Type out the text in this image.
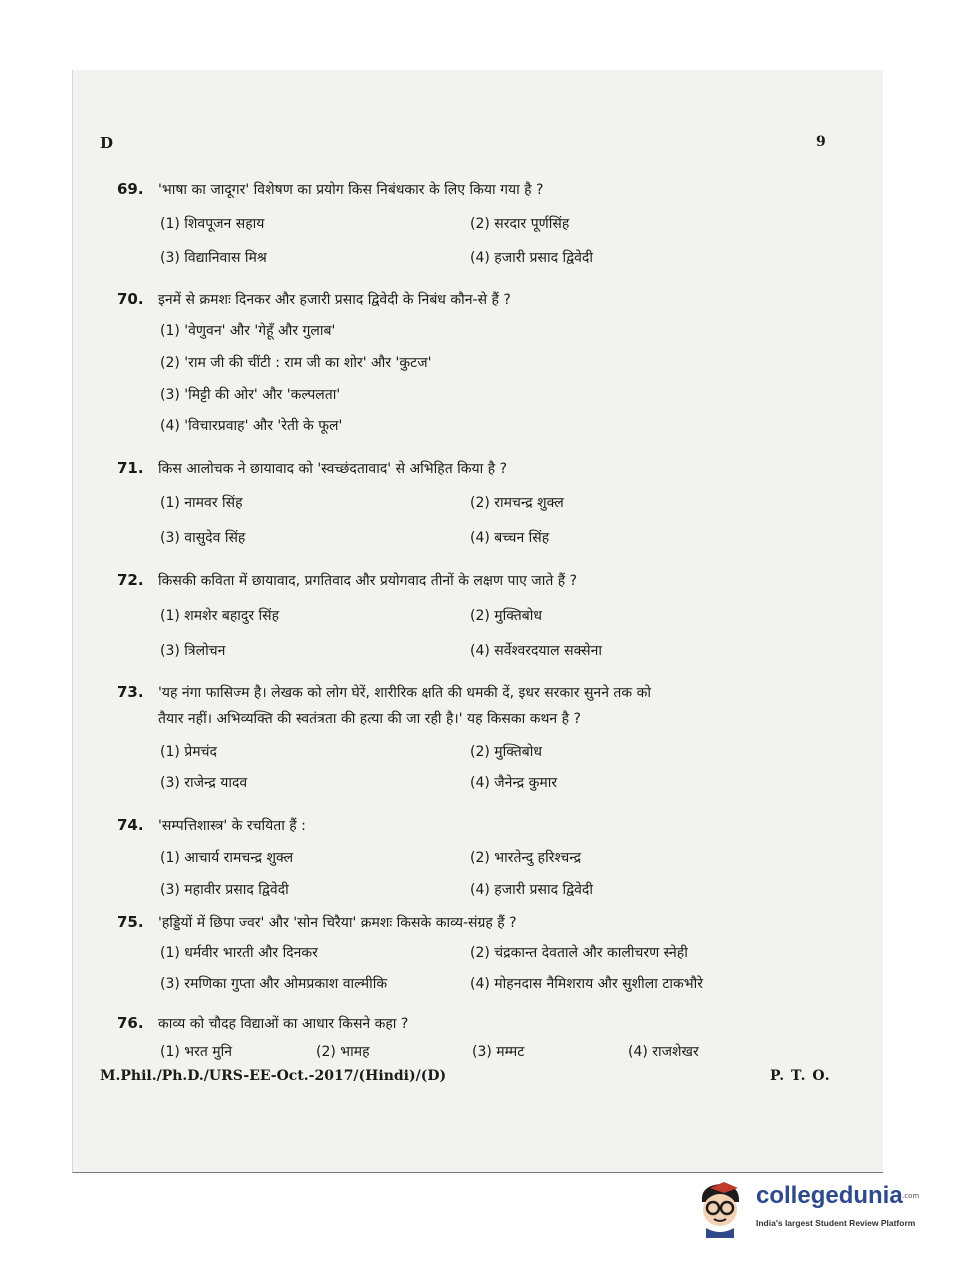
D	9
69. 'भाषा का जादूगर' विशेषण का प्रयोग किस निबंधकार के लिए किया गया है ?
(1) शिवपूजन सहाय	(2) सरदार पूर्णसिंह
(3) विद्यानिवास मिश्र	(4) हजारी प्रसाद द्विवेदी
70. इनमें से क्रमशः दिनकर और हजारी प्रसाद द्विवेदी के निबंध कौन-से हैं ?
(1) 'वेणुवन' और 'गेहूँ और गुलाब'
(2) 'राम जी की चींटी : राम जी का शोर' और 'कुटज'
(3) 'मिट्टी की ओर' और 'कल्पलता'
(4) 'विचारप्रवाह' और 'रेती के फूल'
71. किस आलोचक ने छायावाद को 'स्वच्छंदतावाद' से अभिहित किया है ?
(1) नामवर सिंह	(2) रामचन्द्र शुक्ल
(3) वासुदेव सिंह	(4) बच्चन सिंह
72. किसकी कविता में छायावाद, प्रगतिवाद और प्रयोगवाद तीनों के लक्षण पाए जाते हैं ?
(1) शमशेर बहादुर सिंह	(2) मुक्तिबोध
(3) त्रिलोचन	(4) सर्वेश्वरदयाल सक्सेना
73. 'यह नंगा फासिज्म है। लेखक को लोग घेरें, शारीरिक क्षति की धमकी दें, इधर सरकार सुनने तक को
तैयार नहीं। अभिव्यक्ति की स्वतंत्रता की हत्या की जा रही है।' यह किसका कथन है ?
(1) प्रेमचंद	(2) मुक्तिबोध
(3) राजेन्द्र यादव	(4) जैनेन्द्र कुमार
74. 'सम्पत्तिशास्त्र' के रचयिता हैं :
(1) आचार्य रामचन्द्र शुक्ल	(2) भारतेन्दु हरिश्चन्द्र
(3) महावीर प्रसाद द्विवेदी	(4) हजारी प्रसाद द्विवेदी
75. 'हड्डियों में छिपा ज्वर' और 'सोन चिरैया' क्रमशः किसके काव्य-संग्रह हैं ?
(1) धर्मवीर भारती और दिनकर	(2) चंद्रकान्त देवताले और कालीचरण स्नेही
(3) रमणिका गुप्ता और ओमप्रकाश वाल्मीकि	(4) मोहनदास नैमिशराय और सुशीला टाकभौरे
76. काव्य को चौदह विद्याओं का आधार किसने कहा ?
(1) भरत मुनि	(2) भामह	(3) मम्मट	(4) राजशेखर
M.Phil./Ph.D./URS-EE-Oct.-2017/(Hindi)/(D)	P. T. O.
collegedunia .com
India's largest Student Review Platform
